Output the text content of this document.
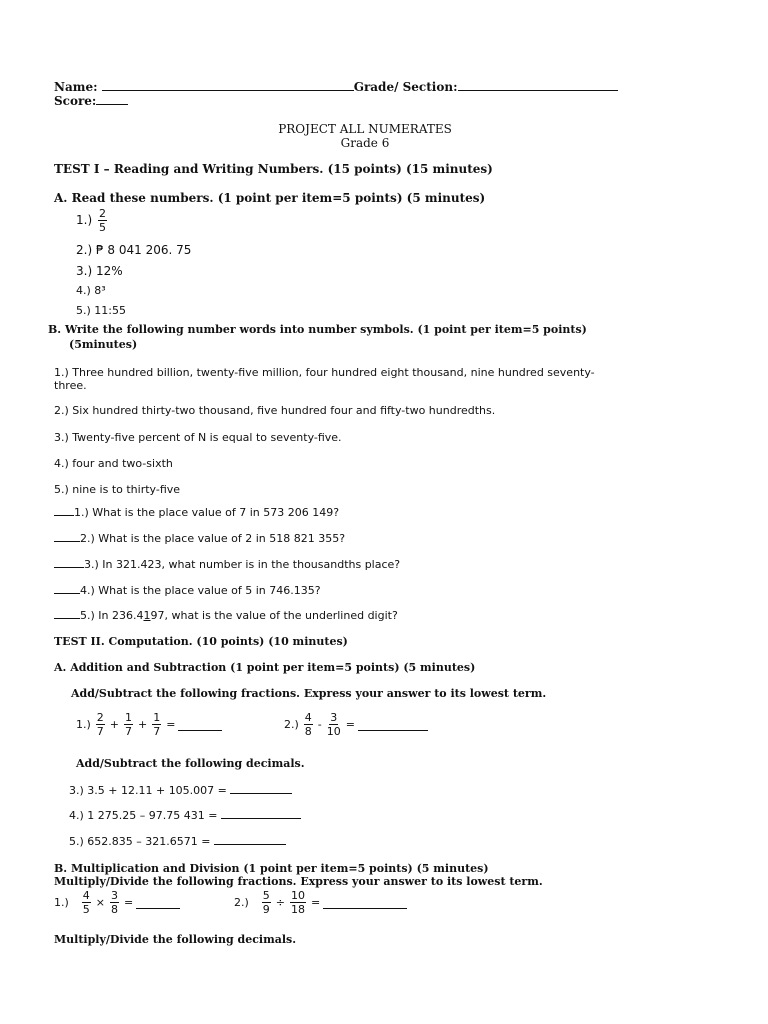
Name:	Grade/ Section:
Score:
PROJECT ALL NUMERATES
Grade 6
TEST I – Reading and Writing Numbers. (15 points) (15 minutes)
A. Read these numbers. (1 point per item=5 points) (5 minutes)
$1.) \frac{2}{5}$
2.) ₱ 8 041 206. 75
3.) 12%
4.) 8³
5.) 11:55
B. Write the following number words into number symbols. (1 point per item=5 points)
(5minutes)
1.) Three hundred billion, twenty-five million, four hundred eight thousand, nine hundred seventy-
three.
2.) Six hundred thirty-two thousand, five hundred four and fifty-two hundredths.
3.) Twenty-five percent of N is equal to seventy-five.
4.) four and two-sixth
5.) nine is to thirty-five
1.) What is the place value of 7 in 573 206 149?
2.) What is the place value of 2 in 518 821 355?
3.) In 321.423, what number is in the thousandths place?
4.) What is the place value of 5 in 746.135?
5.) In 236.4197, what is the value of the underlined digit?
TEST II. Computation. (10 points) (10 minutes)
A. Addition and Subtraction (1 point per item=5 points) (5 minutes)
Add/Subtract the following fractions. Express your answer to its lowest term.
$1.) \frac{2}{7} + \frac{1}{7} + \frac{1}{7}$ =	$2.) \frac{4}{8} - \frac{3}{10}$ =
Add/Subtract the following decimals.
3.) 3.5 + 12.11 + 105.007 =
4.) 1 275.25 – 97.75 431 =
5.) 652.835 – 321.6571 =
B. Multiplication and Division (1 point per item=5 points) (5 minutes)
Multiply/Divide the following fractions. Express your answer to its lowest term.
$1.) \frac{4}{5} \times \frac{3}{8}$ =	$2.) \frac{5}{9} \div \frac{10}{18}$ =
Multiply/Divide the following decimals.
